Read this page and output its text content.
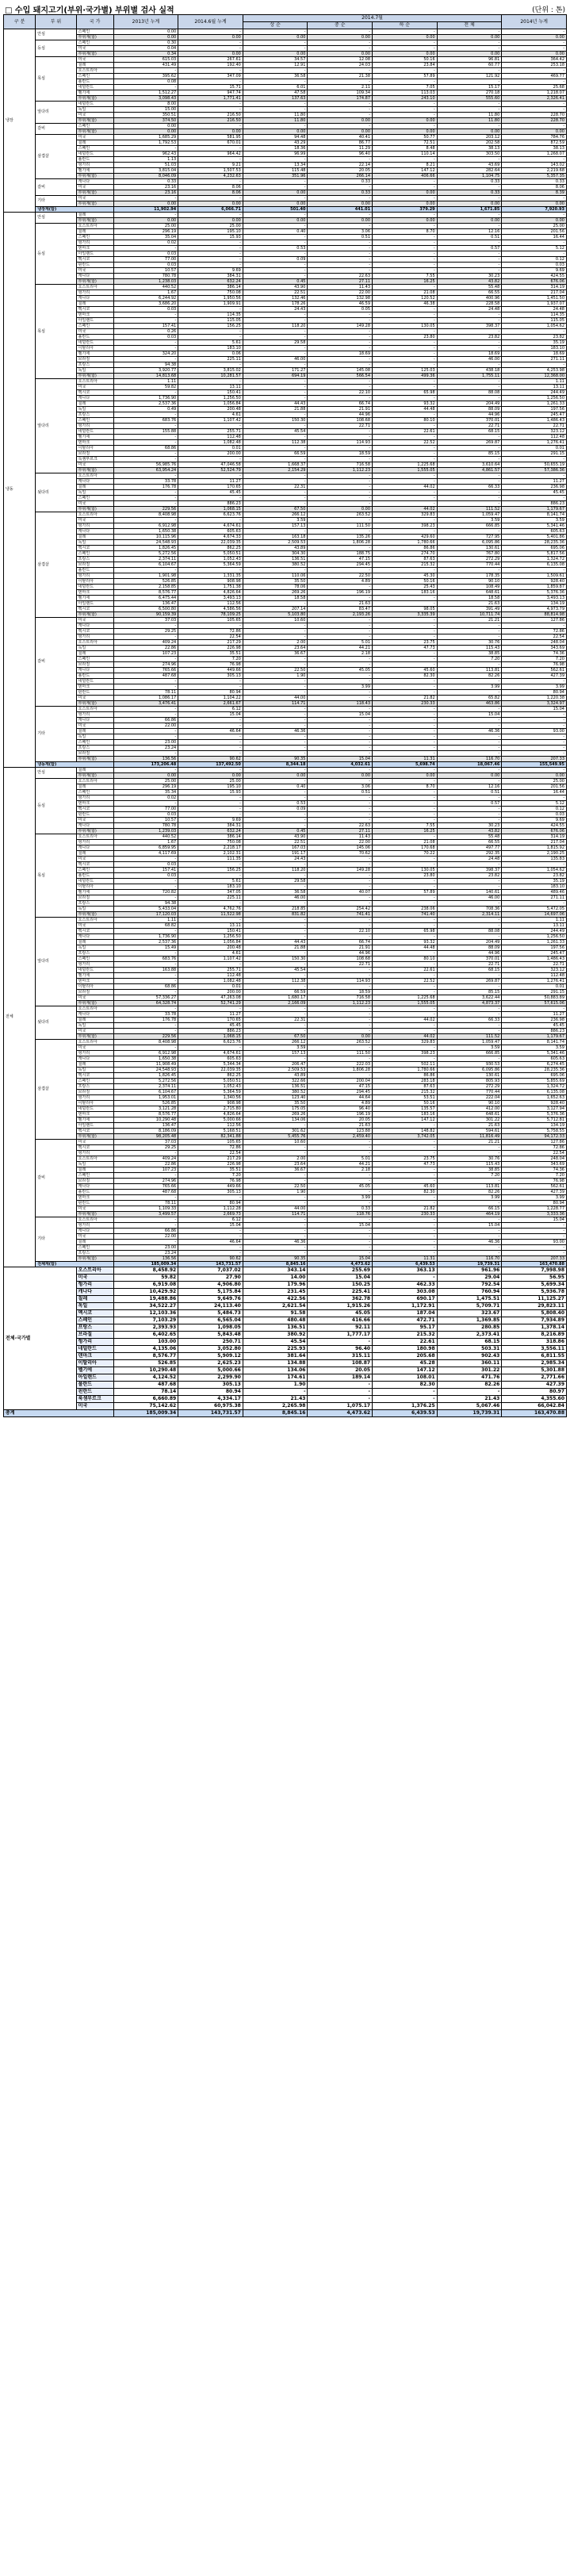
□ 수입 돼지고기(부위·국가별) 부위별 검사 실적	(단위 : 톤)
구 분	부 위	국 가	2013년 누계	2014.6월 누계	2014.7월				2014년 누계
					상 순	중 순	하 순	전 체	
냉장	안심	스페인	0.00	-	-	-	-	-	-
		부위계(합)	0.00	0.00	0.00	0.00	0.00	0.00	0.00
	등심	스페인	0.30	-	-	-	-	-	-
		미국	0.04	-	-	-	-	-	-
		부위계(합)	0.34	0.00	0.00	0.00	0.00	0.00	0.00
	목심	미국	615.03	267.61	34.57	12.08	50.16	96.81	364.42
		칠레	431.49	192.40	12.91	24.03	23.84	60.77	253.18
		오스트리아	-	-	-	-	-	-	-
		스페인	395.62	347.09	36.58	21.38	57.89	121.92	469.77
		폴란드	0.08	-	-	-	-	-	-
		네덜란드	-	15.71	6.01	2.11	7.05	15.17	25.68
		벨기에	1,512.27	947.74	47.58	109.34	113.03	270.18	1,218.07
		부위계(합)	3,098.43	1,771.41	137.63	174.87	243.10	555.60	2,326.41
	앞다리	네덜란드	8.00	-	-	-	-	-	-
		독일	15.00	-	-	-	-	-	-
		미국	350.51	216.50	11.80	-	-	11.80	228.70
		부위계(합)	374.50	216.50	11.80	0.00	0.00	11.80	228.70
	갈비	스페인	0.00	-	-	-	-	-	-
		부위계(합)	0.00	0.00	0.00	0.00	0.00	0.00	0.00
	삼겹살	미국	1,685.29	581.95	94.48	40.41	50.77	203.12	784.76
		칠레	1,792.53	670.01	43.29	86.77	72.51	202.58	872.59
		스페인	-	-	18.36	11.29	8.48	38.13	38.13
		네덜란드	962.43	964.42	96.99	96.40	110.14	303.50	1,268.07
		폴란드	1.13	-	-	-	-	-	-
		헝가리	51.03	9.21	13.34	22.14	8.21	43.69	143.02
		벨기에	3,815.04	1,507.53	115.48	20.05	147.12	282.64	2,219.68
		부위계(합)	8,046.09	4,232.63	351.96	266.14	406.66	1,104.75	5,357.35
	갈비	캐나다	0.33	-	-	0.33	-	0.33	0.33
		미국	23.16	8.06	-	-	-	-	8.06
		부위계(합)	23.16	8.06	0.00	0.33	0.00	0.33	8.39
	기타	미국	-	-	-	-	-	-	-
		부위계(합)	0.00	0.00	0.00	0.00	0.00	0.00	0.00
	냉장계(합)		11,902.94	6,066.71	501.40	441.01	379.29	1,671.85	7,920.93
냉동	안심	칠레	-	-	-	-	-	-	-
		부위계(합)	0.00	0.00	0.00	0.00	0.00	0.00	0.00
	등심	오스트리아	25.00	25.00	-	-	-	-	25.00
		칠레	296.19	195.10	0.40	3.06	8.70	12.16	201.56
		스페인	35.04	15.93	-	0.51	-	0.51	16.44
		헝가리	0.02	-	-	-	-	-	-
		덴마크	-	-	0.53	-	-	0.57	5.12
		아일랜드	0.03	-	-	-	-	-	-
		멕시코	77.00	-	0.09	-	-	-	0.12
		핀란드	0.03	-	-	-	-	-	0.03
		미국	10.57	9.69	-	-	-	-	9.69
		캐나다	780.78	384.31	-	22.63	7.55	30.23	424.55
		부위계(합)	1,238.03	632.24	0.45	27.11	16.25	43.82	676.06
	목심	오스트리아	440.52	386.14	43.90	11.43	-	55.48	314.19
		헝가리	1.67	750.08	22.51	22.00	21.08	66.55	217.04
		캐나다	6,244.92	1,950.56	132.46	132.98	120.52	400.96	1,451.50
		칠레	3,686.20	1,909.91	178.26	46.59	46.38	228.58	1,937.07
		멕시코	0.03	-	24.43	0.05	-	24.48	24.48
		덴마크	-	114.35	-	-	-	-	114.35
		아일랜드	-	115.05	-	-	-	-	115.05
		스페인	157.41	156.25	118.20	149.28	130.05	398.37	1,054.62
		미국	0.26	-	-	-	-	-	-
		폴란드	0.03	-	-	-	23.80	23.82	23.82
		네덜란드	-	5.61	29.58	-	-	-	35.19
		이탈리아	-	183.10	-	-	-	-	183.10
		벨기에	324.20	0.06	-	18.69	-	18.69	18.69
		브라질	-	225.11	46.00	-	-	46.00	271.11
		프랑스	94.38	-	-	-	-	-	-
		독일	3,920.77	3,815.02	171.27	145.08	125.03	438.18	4,253.98
		부위계(합)	14,813.68	10,281.57	694.19	566.54	499.36	1,755.11	12,368.00
	앞다리	오스트리아	1.11	-	-	-	-	-	1.11
		미국	59.82	13.11	-	-	-	-	13.11
		멕시코	-	150.41	-	22.10	65.98	88.08	244.49
		캐나다	1,736.90	1,256.50	-	-	-	-	1,256.50
		칠레	2,537.36	1,056.84	44.43	66.74	93.32	204.49	1,261.33
		독일	0.49	200.48	21.88	21.91	44.48	88.09	197.56
		프랑스	-	4.61	-	44.96	-	44.96	245.47
		스페인	683.76	1,107.42	150.30	108.68	80.10	370.01	1,486.43
		헝가리	-	-	-	22.71	-	22.71	22.71
		네덜란드	155.88	255.71	45.54	-	22.61	68.15	323.12
		벨기에	-	112.48	-	-	-	-	112.48
		덴마크	-	1,082.48	112.38	114.93	22.52	269.87	1,276.41
		이탈리아	68.86	0.01	-	-	-	-	0.01
		브라질	-	200.00	66.59	18.59	-	85.15	291.15
		룩셈부르크	-	-	-	-	-	-	-
		미국	56,985.76	47,046.58	1,668.37	716.58	1,225.68	3,610.64	50,655.19
		부위계(합)	63,954.24	52,524.79	2,154.29	1,112.23	1,555.05	4,861.57	57,386.36
	뒷다리	오스트리아	-	-	-	-	-	-	-
		캐나다	33.78	11.27	-	-	-	-	11.27
		칠레	176.78	170.65	22.31	-	44.02	66.33	236.98
		독일	-	45.45	-	-	-	-	45.45
		스페인	-	-	-	-	-	-	-
		미국	-	886.23	-	-	-	-	886.23
		부위계(합)	229.56	1,068.15	67.50	0.00	44.02	111.52	1,179.67
	삼겹살	오스트리아	8,408.98	6,623.76	266.12	263.52	329.83	1,059.47	8,141.74
		미국	-	-	3.59	-	-	3.59	3.59
		헝가리	6,912.98	4,674.61	157.13	111.50	398.23	666.85	5,341.46
		캐나다	1,650.38	605.63	-	-	-	-	605.63
		칠레	10,115.96	4,674.33	163.18	135.26	429.60	727.95	5,401.86
		독일	24,548.93	22,039.35	2,509.53	1,806.28	1,780.66	6,095.86	28,235.36
		멕시코	1,826.45	862.25	43.89	-	86.86	130.61	695.06
		스페인	5,272.56	5,050.51	304.30	188.75	274.70	767.80	5,817.56
		프랑스	2,374.11	1,052.43	136.51	47.15	87.63	272.29	1,324.72
		브라질	6,104.67	5,364.59	380.52	294.45	215.32	770.44	6,135.08
		폴란드	-	-	-	-	-	-	-
		헝가리	1,901.98	1,331.35	110.06	22.50	45.30	178.35	1,509.61
		이탈리아	526.85	908.98	35.50	4.89	50.16	90.10	928.40
		네덜란드	2,158.85	1,751.38	78.06	-	25.43	108.49	1,859.87
		덴마크	8,576.77	4,826.64	269.26	196.19	183.16	648.61	5,376.36
		벨기에	6,475.44	3,493.13	18.58	-	-	18.58	3,493.13
		아일랜드	136.47	112.56	-	21.63	-	21.63	134.19
		멕시코	6,500.80	4,586.56	207.14	83.47	98.05	391.49	4,973.79
		부위계(합)	90,159.39	78,109.25	5,103.80	2,193.26	3,335.39	10,711.74	88,814.98
	갈비	미국	37.03	105.65	10.60	-	-	21.21	127.86
		캐나다	-	-	-	-	-	-	-
		멕시코	29.25	72.86	-	-	-	-	72.86
		헝가리	-	22.54	-	-	-	-	22.54
		오스트리아	409.24	217.29	2.00	5.01	23.75	30.76	248.04
		독일	22.86	226.98	23.64	44.21	47.73	115.43	343.69
		칠레	107.23	35.51	36.67	2.18	-	38.85	74.36
		스페인	-	7.20	-	-	-	7.20	7.20
		브라질	274.96	76.98	-	-	-	-	76.98
		캐나다	765.66	449.66	22.50	45.05	45.60	113.81	562.61
		폴란드	487.68	305.13	1.90	-	82.30	82.26	427.39
		네덜란드	-	-	-	-	-	-	-
		덴마크	-	-	-	3.99	-	3.99	3.99
		핀란드	78.11	80.94	-	-	-	-	80.94
		미국	1,086.17	1,104.22	44.00	-	21.82	65.82	1,220.38
		부위계(합)	3,476.41	2,661.67	114.71	118.43	230.33	463.86	3,324.97
	기타	오스트리아	-	6.12	-	-	-	-	15.04
		헝가리	-	15.04	-	15.04	-	15.04	-
		캐나다	66.86	-	-	-	-	-	-
		미국	22.00	-	-	-	-	-	-
		칠레	-	46.64	46.36	-	-	46.36	93.00
		독일	-	-	-	-	-	-	-
		스페인	23.00	-	-	-	-	-	-
		프랑스	23.24	-	-	-	-	-	-
		브라질	-	-	-	-	-	-	-
		부위계(합)	136.56	90.62	90.35	15.04	11.31	116.70	207.33
	냉동계(합)		173,206.48	137,492.50	8,344.18	4,032.61	5,698.74	18,067.46	155,549.95
전체	안심	칠레	-	-	-	-	-	-	-
		부위계(합)	0.00	0.00	0.00	0.00	0.00	0.00	0.00
	등심	오스트리아	25.00	25.00	-	-	-	-	25.00
		칠레	296.19	195.10	0.40	3.06	8.70	12.16	201.56
		스페인	35.34	15.93	-	0.51	-	0.51	16.44
		헝가리	0.02	-	-	-	-	-	-
		덴마크	-	-	0.53	-	-	0.57	5.12
		멕시코	77.00	-	0.09	-	-	-	0.12
		핀란드	0.03	-	-	-	-	-	0.03
		미국	10.57	9.69	-	-	-	-	9.69
		캐나다	780.78	384.31	-	22.63	7.55	30.23	424.55
		부위계(합)	1,239.03	632.24	0.45	27.11	16.25	43.82	676.06
	목심	오스트리아	440.52	386.14	43.90	11.43	-	55.48	314.19
		헝가리	1.67	750.08	22.51	22.00	21.08	66.55	217.04
		캐나다	6,859.95	2,218.17	167.03	145.06	170.68	497.77	1,815.92
		칠레	4,117.69	2,102.31	191.17	70.62	70.22	292.35	2,190.25
		미국	-	111.35	24.43	-	-	24.48	135.83
		멕시코	0.03	-	-	-	-	-	-
		스페인	157.41	156.25	118.20	149.28	130.05	398.37	1,054.62
		폴란드	0.03	-	-	-	23.80	23.82	23.82
		네덜란드	-	5.61	29.58	-	-	-	35.19
		이탈리아	-	183.10	-	-	-	-	183.10
		벨기에	720.82	347.05	36.58	40.07	57.89	140.61	489.46
		브라질	-	225.11	46.00	-	-	46.00	271.11
		프랑스	94.38	-	-	-	-	-	-
		독일	5,433.04	4,762.76	218.85	254.42	238.06	708.36	5,472.05
		부위계(합)	17,120.03	11,522.98	831.82	741.41	741.40	2,314.11	14,697.06
	앞다리	오스트리아	1.11	-	-	-	-	-	1.11
		미국	68.82	13.11	-	-	-	-	13.11
		멕시코	-	150.41	-	22.10	65.98	88.08	244.49
		캐나다	1,736.90	1,256.50	-	-	-	-	1,256.50
		칠레	2,537.36	1,056.84	44.43	66.74	93.32	204.49	1,261.33
		독일	15.49	200.48	21.88	21.91	44.48	88.09	197.56
		프랑스	-	4.61	-	44.96	-	44.96	245.47
		스페인	683.76	1,107.42	150.30	108.68	80.10	370.01	1,486.43
		헝가리	-	-	-	22.71	-	22.71	22.71
		네덜란드	163.88	255.71	45.54	-	22.61	68.15	323.12
		벨기에	-	112.48	-	-	-	-	112.48
		덴마크	-	1,082.48	112.38	114.93	22.52	269.87	1,276.41
		이탈리아	68.86	0.01	-	-	-	-	0.01
		브라질	-	200.00	66.59	18.59	-	85.15	291.15
		미국	57,336.27	47,263.08	1,680.17	716.58	1,225.68	3,622.44	50,883.89
		부위계(합)	64,328.74	52,741.29	2,166.09	1,112.23	1,555.05	4,873.37	57,615.06
	뒷다리	오스트리아	-	-	-	-	-	-	-
		캐나다	33.78	11.27	-	-	-	-	11.27
		칠레	176.78	170.65	22.31	-	44.02	66.33	236.98
		독일	-	45.45	-	-	-	-	45.45
		미국	-	886.23	-	-	-	-	886.23
		부위계(합)	229.56	1,068.15	67.50	0.00	44.02	111.52	1,179.67
	삼겹살	오스트리아	8,408.98	6,623.76	266.12	263.52	329.83	1,059.47	8,141.74
		미국	-	-	3.59	-	-	3.59	3.59
		헝가리	6,912.98	4,674.61	157.13	111.50	398.23	666.85	5,341.46
		캐나다	1,650.38	605.63	-	-	-	-	605.63
		칠레	11,908.49	5,344.34	206.47	222.03	502.11	930.53	6,274.45
		독일	24,548.93	22,039.35	2,509.53	1,806.28	1,780.66	6,095.86	28,235.36
		멕시코	1,826.45	862.25	43.89	-	86.86	130.61	695.06
		스페인	5,272.56	5,050.51	322.66	200.04	283.18	805.93	5,855.69
		프랑스	2,374.11	1,052.43	136.51	47.15	87.63	272.29	1,324.72
		브라질	6,104.67	5,364.59	380.52	294.45	215.32	770.44	6,135.08
		헝가리	1,953.01	1,340.56	123.40	44.64	53.51	222.04	1,652.63
		이탈리아	526.85	908.98	35.50	4.89	50.16	90.10	928.40
		네덜란드	3,121.28	2,715.80	175.05	96.40	135.57	412.00	3,127.94
		덴마크	8,576.77	4,826.64	269.26	196.19	183.16	648.61	5,376.36
		벨기에	10,290.48	5,000.66	134.06	20.05	147.12	301.22	5,712.81
		아일랜드	136.47	112.56	-	21.63	-	21.63	134.19
		멕시코	8,186.09	5,168.51	301.62	123.88	148.82	594.61	5,758.55
		부위계(합)	98,205.48	82,341.88	5,455.76	2,459.40	3,742.05	11,816.49	94,172.33
	갈비	미국	37.03	105.65	10.60	-	-	21.21	127.86
		멕시코	29.25	72.86	-	-	-	-	72.86
		헝가리	-	22.54	-	-	-	-	22.54
		오스트리아	409.24	217.29	2.00	5.01	23.75	30.76	248.04
		독일	22.86	226.98	23.64	44.21	47.73	115.43	343.69
		칠레	107.23	35.51	36.67	2.18	-	38.85	74.36
		스페인	-	7.20	-	-	-	7.20	7.20
		브라질	274.96	76.98	-	-	-	-	76.98
		캐나다	765.66	449.66	22.50	45.05	45.60	113.81	562.61
		폴란드	487.68	305.13	1.90	-	82.30	82.26	427.39
		덴마크	-	-	-	3.99	-	3.99	3.99
		핀란드	78.11	80.94	-	-	-	-	80.94
		미국	1,109.33	1,112.28	44.00	0.33	21.82	66.15	1,228.77
		부위계(합)	3,499.57	2,669.73	114.71	118.76	230.33	464.19	3,333.36
	기타	오스트리아	-	6.12	-	-	-	-	15.04
		헝가리	-	15.04	-	15.04	-	15.04	-
		캐나다	66.86	-	-	-	-	-	-
		미국	22.00	-	-	-	-	-	-
		칠레	-	46.64	46.36	-	-	46.36	93.00
		스페인	23.00	-	-	-	-	-	-
		프랑스	23.24	-	-	-	-	-	-
		부위계(합)	136.56	90.62	90.35	15.04	11.31	116.70	207.33
	전체계(합)		185,009.34	143,731.57	8,845.16	4,473.62	6,439.53	19,739.31	163,470.88
전체-국가별		오스트리아	8,458.92	7,037.02	343.14	255.69	363.13	961.96	7,998.98
		미국	59.82	27.90	14.00	15.04	-	29.04	56.95
		헝가리	6,919.08	4,906.80	179.96	150.25	462.33	792.54	5,699.34
		캐나다	10,429.92	5,175.84	231.45	225.41	303.08	760.94	5,936.78
		칠레	19,488.86	9,649.76	422.56	362.78	690.17	1,475.51	11,125.27
		독일	34,522.27	24,113.40	2,621.54	1,915.26	1,172.91	5,709.71	29,823.11
		멕시코	12,103.36	5,484.73	91.58	45.05	187.04	323.67	5,808.40
		스페인	7,103.29	6,565.04	480.48	416.66	472.71	1,369.85	7,934.89
		프랑스	2,393.93	1,098.05	136.51	92.11	95.17	280.85	1,378.14
		브라질	6,402.65	5,843.48	380.92	1,777.17	215.32	2,373.41	8,216.89
		헝가리	103.00	250.71	45.54	-	22.61	68.15	318.86
		네덜란드	4,135.06	3,052.80	225.93	96.40	180.98	503.31	3,556.11
		덴마크	8,576.77	5,909.12	381.64	315.11	205.68	902.43	6,811.55
		이탈리아	526.85	2,625.23	134.88	108.87	45.28	360.11	2,985.34
		벨기에	10,290.48	5,000.66	134.06	20.05	147.12	301.22	5,301.88
		아일랜드	4,124.52	2,299.90	174.61	189.14	108.01	471.76	2,771.66
		폴란드	487.68	305.13	1.90	-	82.30	82.26	427.39
		핀란드	78.14	80.94	-	-	-	-	80.97
		룩셈부르크	6,660.89	4,334.17	21.43	-	-	21.43	4,355.60
		미국	75,142.62	60,975.38	2,265.98	1,075.17	1,376.25	5,067.46	66,042.84
총계			185,009.34	143,731.57	8,845.16	4,473.62	6,439.53	19,739.31	163,470.88
